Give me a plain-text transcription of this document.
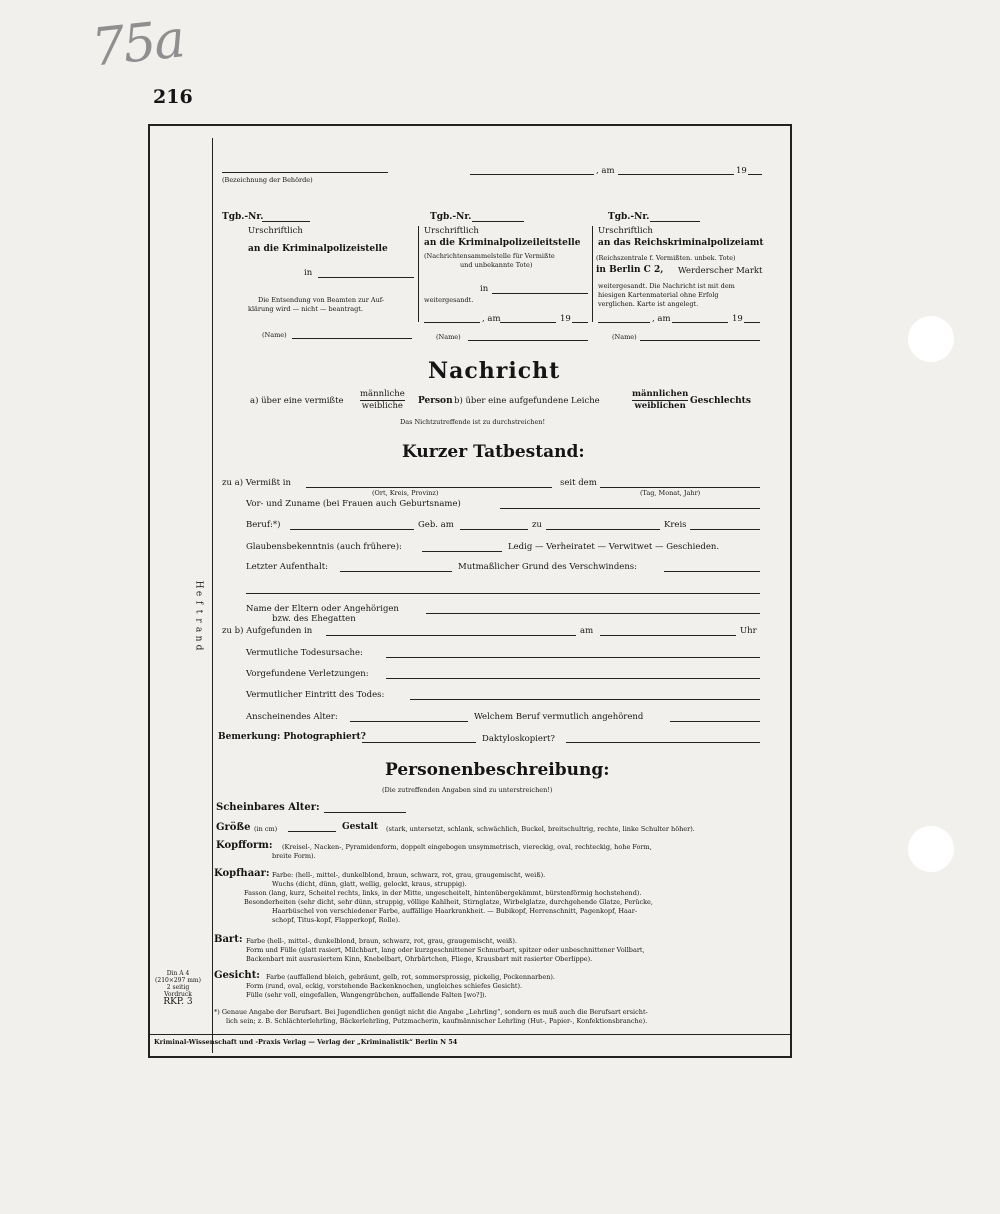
75a
216
H
e
f
t
r
a
n
d
(Bezeichnung der Behörde)
, am	19
Tgb.-Nr.
Urschriftlich
an die Kriminalpolizeistelle
in
Die Entsendung von Beamten zur Auf-
klärung wird — nicht — beantragt.
(Name)
Tgb.-Nr.
Urschriftlich
an die Kriminalpolizeileitstelle
(Nachrichtensammelstelle für Vermißte
und unbekannte Tote)
in
weitergesandt.
, am	19
(Name)
Tgb.-Nr.
Urschriftlich
an das Reichskriminalpolizeiamt
(Reichszentrale f. Vermißten. unbek. Tote)
in Berlin C 2, Werderscher Markt
weitergesandt. Die Nachricht ist mit dem
hiesigen Kartenmaterial ohne Erfolg
verglichen. Karte ist angelegt.
, am	19
(Name)
Nachricht
a) über eine vermißte
männliche
weibliche Person b) über eine aufgefundene Leiche
männlichen
weiblichen Geschlechts
Das Nichtzutreffende ist zu durchstreichen!
Kurzer Tatbestand:
zu a) Vermißt in
(Ort, Kreis, Provinz)
seit dem
(Tag, Monat, Jahr)
Vor- und Zuname (bei Frauen auch Geburtsname)
Beruf:*)	Geb. am	zu	Kreis
Glaubensbekenntnis (auch frühere):	Ledig — Verheiratet — Verwitwet — Geschieden.
Letzter Aufenthalt:	Mutmaßlicher Grund des Verschwindens:
Name der Eltern oder Angehörigen
bzw. des Ehegatten
zu b) Aufgefunden in	am	Uhr
Vermutliche Todesursache:
Vorgefundene Verletzungen:
Vermutlicher Eintritt des Todes:
Anscheinendes Alter:	Welchem Beruf vermutlich angehörend
Bemerkung: Photographiert?	Daktyloskopiert?
Personenbeschreibung:
(Die zutreffenden Angaben sind zu unterstreichen!)
Scheinbares Alter:
Größe (in cm)	Gestalt (stark, untersetzt, schlank, schwächlich, Buckel, breitschultrig, rechte, linke Schulter höher).
Kopfform: (Kreisel-, Nacken-, Pyramidenform, doppelt eingebogen unsymmetrisch, viereckig, oval, rechteckig, hohe Form,
breite Form).
Kopfhaar: Farbe: (hell-, mittel-, dunkelblond, braun, schwarz, rot, grau, graugemischt, weiß).
Wuchs (dicht, dünn, glatt, wellig, gelockt, kraus, struppig).
Fasson (lang, kurz, Scheitel rechts, links, in der Mitte, ungescheitelt, hintenübergekämmt, bürstenförmig hochstehend).
Besonderheiten (sehr dicht, sehr dünn, struppig, völlige Kahlheit, Stirnglatze, Wirbelglatze, durchgehende Glatze, Perücke,
Haarbüschel von verschiedener Farbe, auffällige Haarkrankheit. — Bubikopf, Herrenschnitt, Pagenkopf, Haar-
schopf, Titus-kopf, Flapperkopf, Rolle).
Bart: Farbe (hell-, mittel-, dunkelblond, braun, schwarz, rot, grau, graugemischt, weiß).
Form und Fülle (glatt rasiert, Milchbart, lang oder kurzgeschnittener Schnurbart, spitzer oder unbeschnittener Vollbart,
Backenbart mit ausrasiertem Kinn, Knebelbart, Ohrbärtchen, Fliege, Krausbart mit rasierter Oberlippe).
Gesicht: Farbe (auffallend bleich, gebräunt, gelb, rot, sommersprossig, pickelig, Pockennarben).
Form (rund, oval, eckig, vorstehende Backenknochen, ungleiches schiefes Gesicht).
Fülle (sehr voll, eingefallen, Wangengrübchen, auffallende Falten [wo?]).
*) Genaue Angabe der Berufsart. Bei Jugendlichen genügt nicht die Angabe „Lehrling“, sondern es muß auch die Berufsart ersicht-
lich sein; z. B. Schlächterlehrling, Bäckerlehrling, Putzmacherin, kaufmännischer Lehrling (Hut-, Papier-, Konfektionsbranche).
Din A 4
(210×297 mm)
2 seitig
Vordruck
RKP. 3
Kriminal-Wissenschaft und -Praxis Verlag — Verlag der „Kriminalistik“ Berlin N 54
